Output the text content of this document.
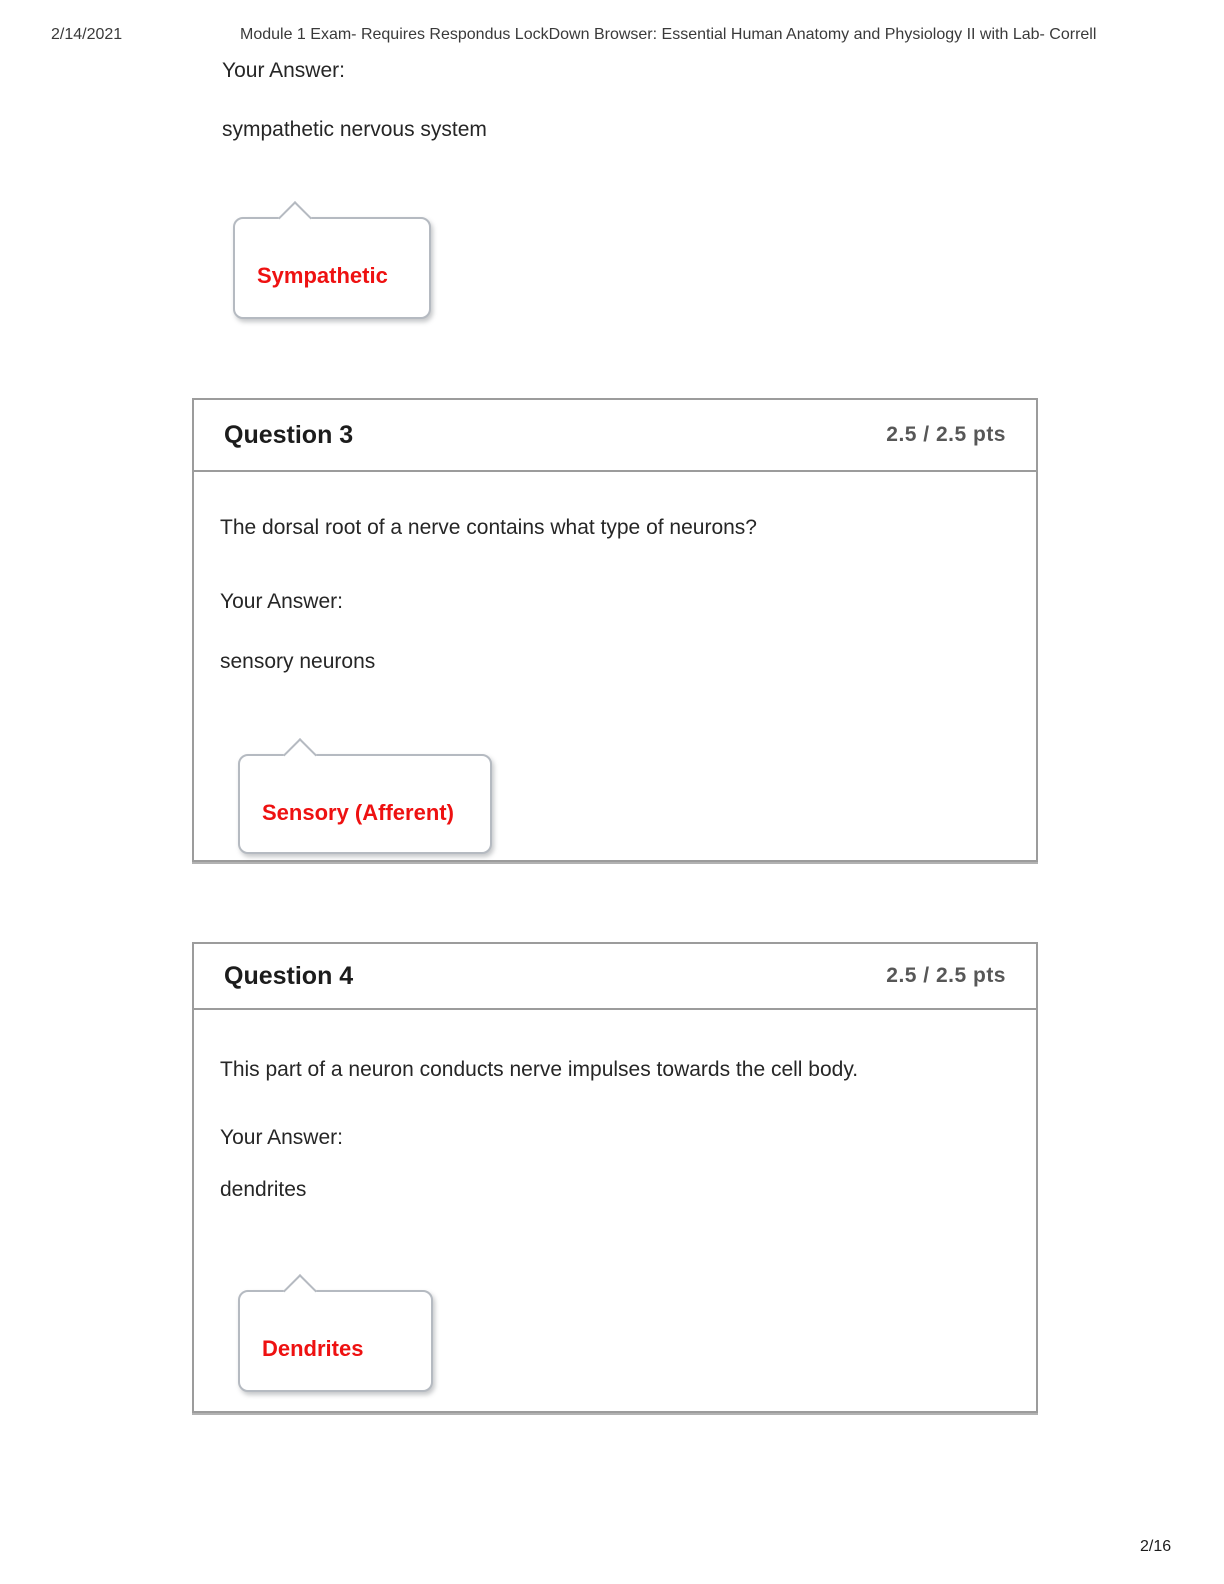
2/14/2021	Module 1 Exam- Requires Respondus LockDown Browser: Essential Human Anatomy and Physiology II with Lab- Correll
Your Answer:
sympathetic nervous system
Sympathetic
Question 3	2.5 / 2.5 pts
The dorsal root of a nerve contains what type of neurons?
Your Answer:
sensory neurons
Sensory (Afferent)
Question 4	2.5 / 2.5 pts
This part of a neuron conducts nerve impulses towards the cell body.
Your Answer:
dendrites
Dendrites
2/16
